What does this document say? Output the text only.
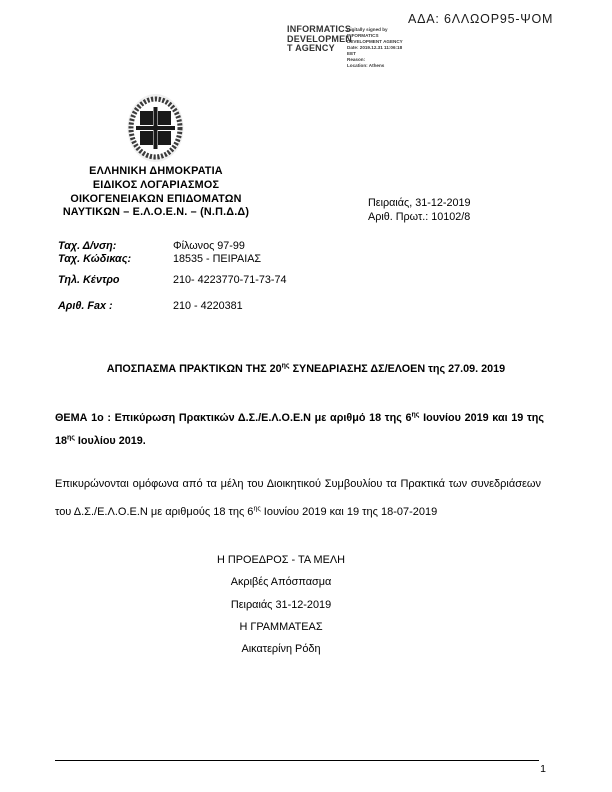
ΑΔΑ: 6ΛΛΩΟΡ95-ΨΟΜ
INFORMATICS
DEVELOPMEN
T AGENCY
Digitally signed by
INFORMATICS
DEVELOPMENT AGENCY
Date: 2019.12.31 11:06:18
EET
Reason:
Location: Athens
ΕΛΛΗΝΙΚΗ ΔΗΜΟΚΡΑΤΙΑ
ΕΙΔΙΚΟΣ ΛΟΓΑΡΙΑΣΜΟΣ
ΟΙΚΟΓΕΝΕΙΑΚΩΝ ΕΠΙΔΟΜΑΤΩΝ
ΝΑΥΤΙΚΩΝ – Ε.Λ.Ο.Ε.Ν. – (Ν.Π.Δ.Δ)
Πειραιάς, 31-12-2019
Αριθ. Πρωτ.: 10102/8
Ταχ. Δ/νση:	Φίλωνος 97-99
Ταχ. Κώδικας:	18535 - ΠΕΙΡΑΙΑΣ
Τηλ. Κέντρο	210- 4223770-71-73-74
Αριθ. Fax :	210 - 4220381
ΑΠΟΣΠΑΣΜΑ ΠΡΑΚΤΙΚΩΝ ΤΗΣ $20^{\eta\varsigma}$ ΣΥΝΕΔΡΙΑΣΗΣ ΔΣ/ΕΛΟΕΝ της 27.09. 2019
ΘΕΜΑ 1ο : Επικύρωση Πρακτικών Δ.Σ./Ε.Λ.Ο.Ε.Ν με αριθμό 18 της $6^{\eta\varsigma}$ Ιουνίου 2019 και 19 της
$18^{\eta\varsigma}$ Ιουλίου 2019.
Επικυρώνονται ομόφωνα από τα μέλη του Διοικητικού Συμβουλίου τα Πρακτικά των συνεδριάσεων
του Δ.Σ./Ε.Λ.Ο.Ε.Ν με αριθμούς 18 της $6^{\eta\varsigma}$ Ιουνίου 2019 και 19 της 18-07-2019
Η ΠΡΟΕΔΡΟΣ - ΤΑ ΜΕΛΗ
Ακριβές Απόσπασμα
Πειραιάς 31-12-2019
Η ΓΡΑΜΜΑΤΕΑΣ
Αικατερίνη Ρόδη
1
